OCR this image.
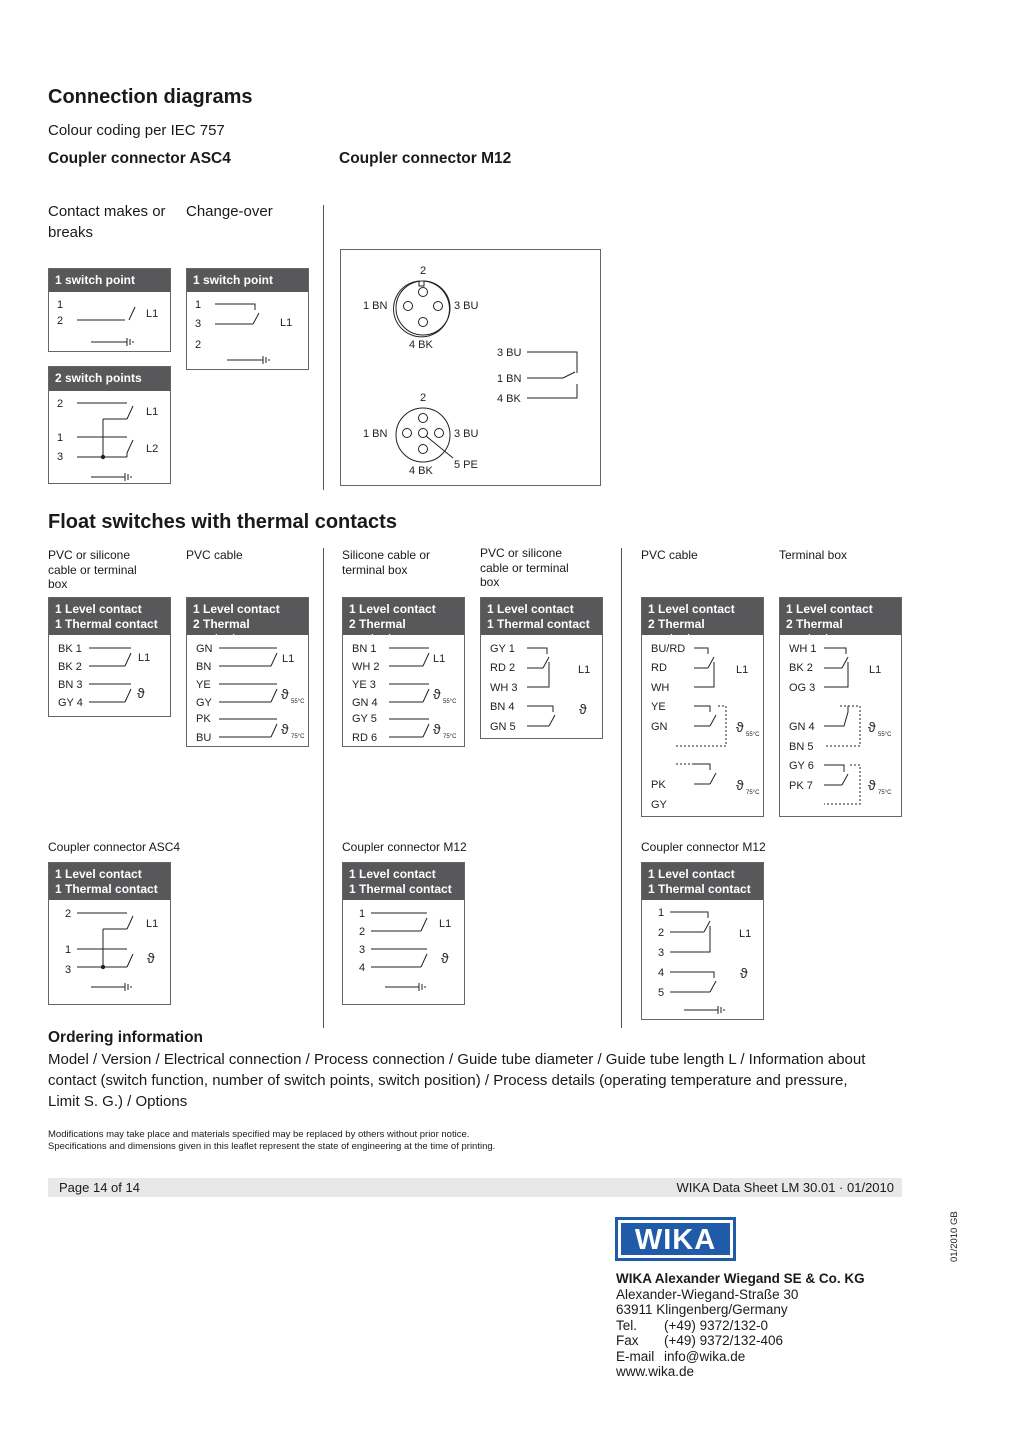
Connection diagrams
Colour coding per IEC 757
Coupler connector ASC4	Coupler connector M12
Contact makes or breaks
Change-over
1 switch point
1
2
L1
1 switch point
1
3
2
L1
2 switch points
2
1
3
L1
L2
2
1 BN	3 BU
4 BK
3 BU
1 BN
4 BK
2
1 BN	3 BU
4 BK 5 PE
Float switches with thermal contacts
PVC or silicone cable or terminal box
PVC cable	Silicone cable or terminal box
PVC or silicone cable or terminal box
PVC cable	Terminal box
1 Level contact
1 Thermal contact
BK 1
BK 2
BN 3
GY 4
L1
ϑ
1 Level contact
2 Thermal contacts
GN
BN
YE
GY
PK
BU
L1
ϑ 55°C
ϑ 75°C
1 Level contact
2 Thermal contacts
BN 1
WH 2
YE 3
GN 4
GY 5
RD 6
L1
ϑ 55°C
ϑ 75°C
1 Level contact
1 Thermal contact
GY 1
RD 2
WH 3
BN 4
GN 5
L1
ϑ
1 Level contact
2 Thermal contacts
BU/RD
RD
WH
YE
GN
PK
GY
L1
ϑ 55°C
ϑ 75°C
1 Level contact
2 Thermal contacts
WH 1
BK 2
OG 3
GN 4
BN 5
GY 6
PK 7
L1
ϑ 55°C
ϑ 75°C
Coupler connector ASC4	Coupler connector M12	Coupler connector M12
1 Level contact
1 Thermal contact
2
1
3
L1
ϑ
1 Level contact
1 Thermal contact
1
2
3
4
L1
ϑ
1 Level contact
1 Thermal contact
1
2
3
4
5
L1
ϑ
Ordering information
Model / Version / Electrical connection / Process connection / Guide tube diameter / Guide tube length L / Information about contact (switch function, number of switch points, switch position) / Process details (operating temperature and pressure, Limit S. G.) / Options
Modifications may take place and materials specified may be replaced by others without prior notice.
Specifications and dimensions given in this leaflet represent the state of engineering at the time of printing.
Page 14 of 14	WIKA Data Sheet LM 30.01 · 01/2010
01/2010 GB
WIKA
WIKA Alexander Wiegand SE & Co. KG
Alexander-Wiegand-Straße 30
63911 Klingenberg/Germany
Tel. (+49) 9372/132-0
Fax (+49) 9372/132-406
E-mail info@wika.de
www.wika.de
